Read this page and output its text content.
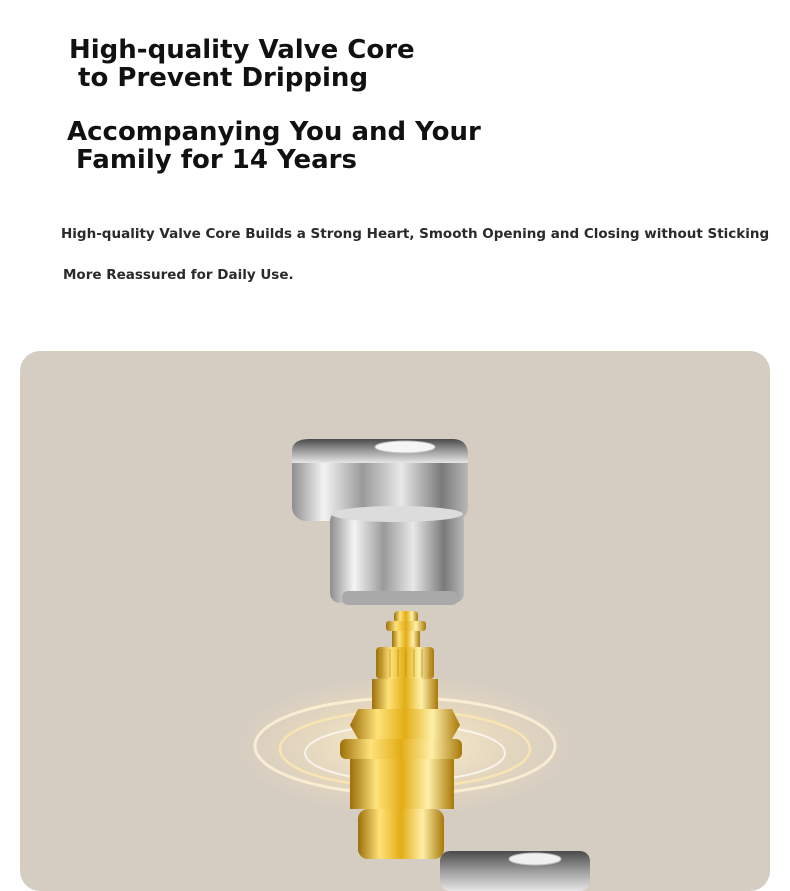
High-quality Valve Core
to Prevent Dripping
Accompanying You and Your
Family for 14 Years

High-quality Valve Core Builds a Strong Heart, Smooth Opening and Closing without Sticking

More Reassured for Daily Use.
